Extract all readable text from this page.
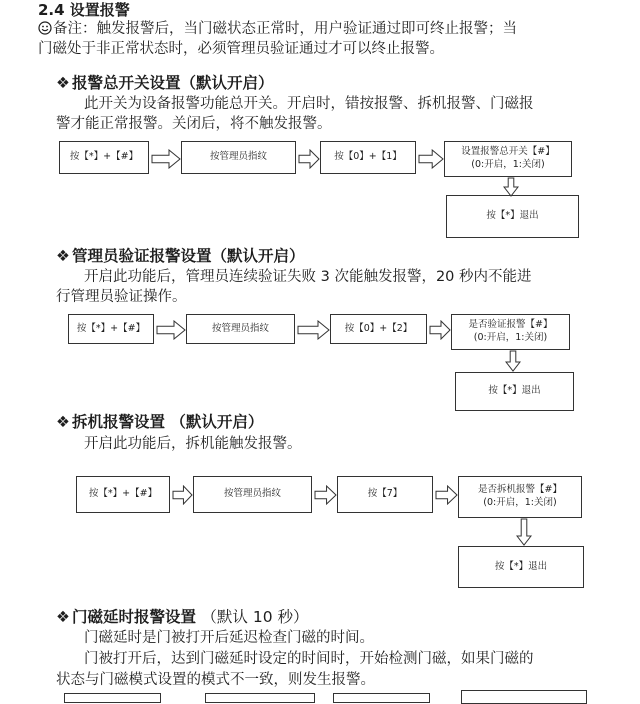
2.4 设置报警
备注：触发报警后，当门磁状态正常时，用户验证通过即可终止报警；当
门磁处于非正常状态时，必须管理员验证通过才可以终止报警。
❖ 报警总开关设置（默认开启）
此开关为设备报警功能总开关。开启时，错按报警、拆机报警、门磁报
警才能正常报警。关闭后，将不触发报警。
按【*】+【#】	按管理员指纹	按【0】+【1】	设置报警总开关【#】
(0:开启，1:关闭)
按【*】退出
❖ 管理员验证报警设置（默认开启）
开启此功能后，管理员连续验证失败 3 次能触发报警，20 秒内不能进
行管理员验证操作。
按【*】+【#】	按管理员指纹	按【0】+【2】	是否验证报警【#】
(0:开启，1:关闭)
按【*】退出
❖ 拆机报警设置 （默认开启）
开启此功能后，拆机能触发报警。
按【*】+【#】	按管理员指纹	按【7】	是否拆机报警【#】
(0:开启，1:关闭)
按【*】退出
❖ 门磁延时报警设置 （默认 10 秒）
门磁延时是门被打开后延迟检查门磁的时间。
门被打开后，达到门磁延时设定的时间时，开始检测门磁，如果门磁的
状态与门磁模式设置的模式不一致，则发生报警。
